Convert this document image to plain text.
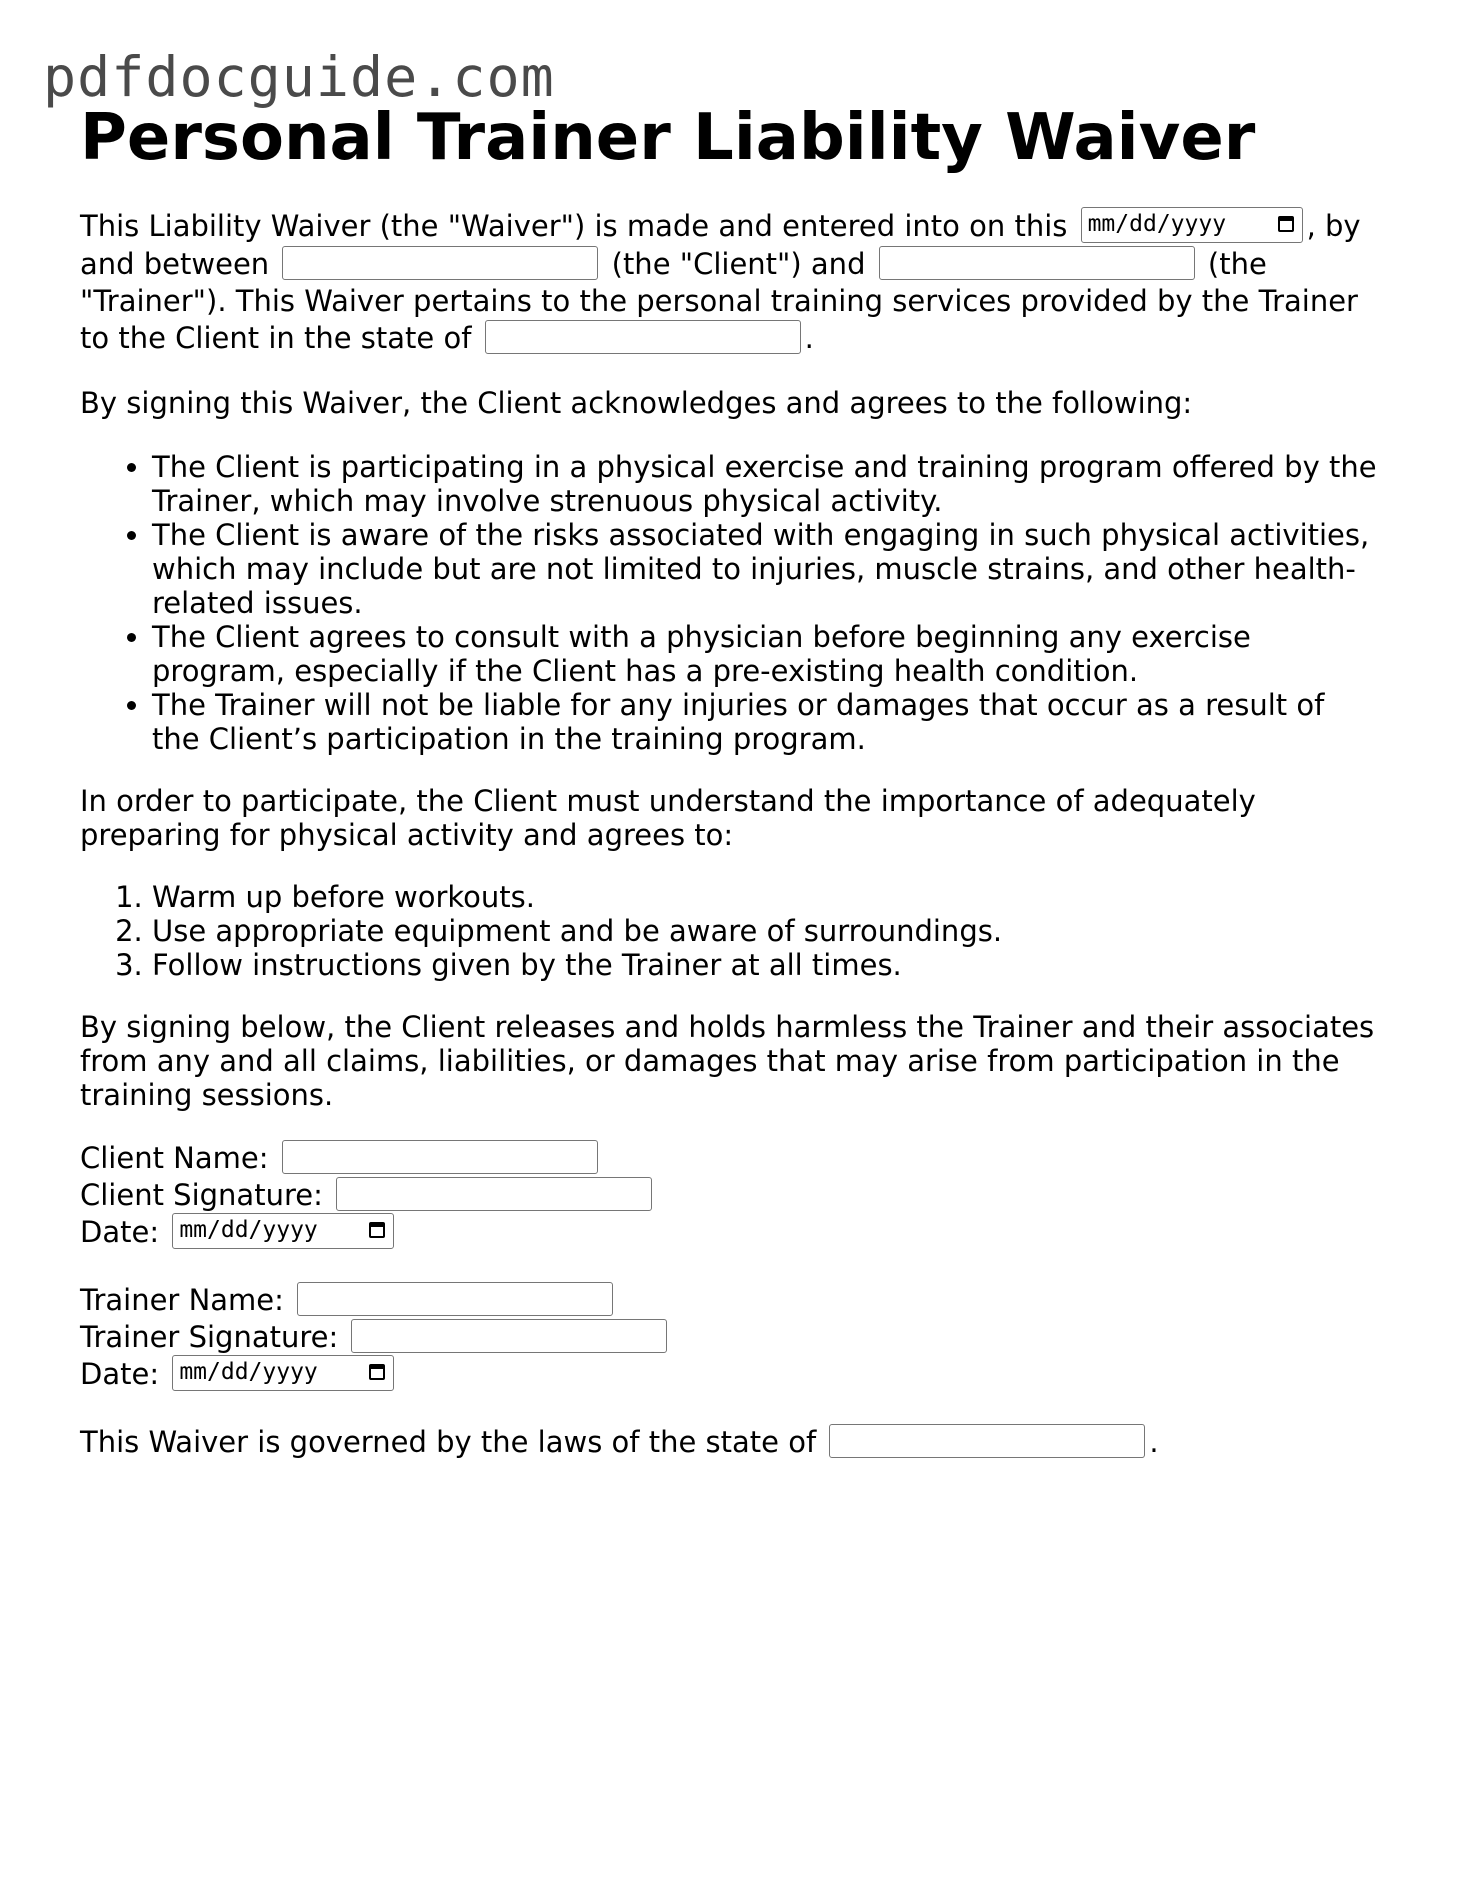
pdfdocguide.com
Personal Trainer Liability Waiver

This Liability Waiver (the "Waiver") is made and entered into on this mm/dd/yyyy	, by and between	(the "Client") and	(the "Trainer"). This Waiver pertains to the personal training services provided by the Trainer to the Client in the state of	.

By signing this Waiver, the Client acknowledges and agrees to the following:

• The Client is participating in a physical exercise and training program offered by the Trainer, which may involve strenuous physical activity.
• The Client is aware of the risks associated with engaging in such physical activities, which may include but are not limited to injuries, muscle strains, and other health-related issues.
• The Client agrees to consult with a physician before beginning any exercise program, especially if the Client has a pre-existing health condition.
• The Trainer will not be liable for any injuries or damages that occur as a result of the Client’s participation in the training program.

In order to participate, the Client must understand the importance of adequately preparing for physical activity and agrees to:

1. Warm up before workouts.
2. Use appropriate equipment and be aware of surroundings.
3. Follow instructions given by the Trainer at all times.

By signing below, the Client releases and holds harmless the Trainer and their associates from any and all claims, liabilities, or damages that may arise from participation in the training sessions.

Client Name:
Client Signature:
Date: mm/dd/yyyy
Trainer Name:
Trainer Signature:
Date: mm/dd/yyyy

This Waiver is governed by the laws of the state of	.
